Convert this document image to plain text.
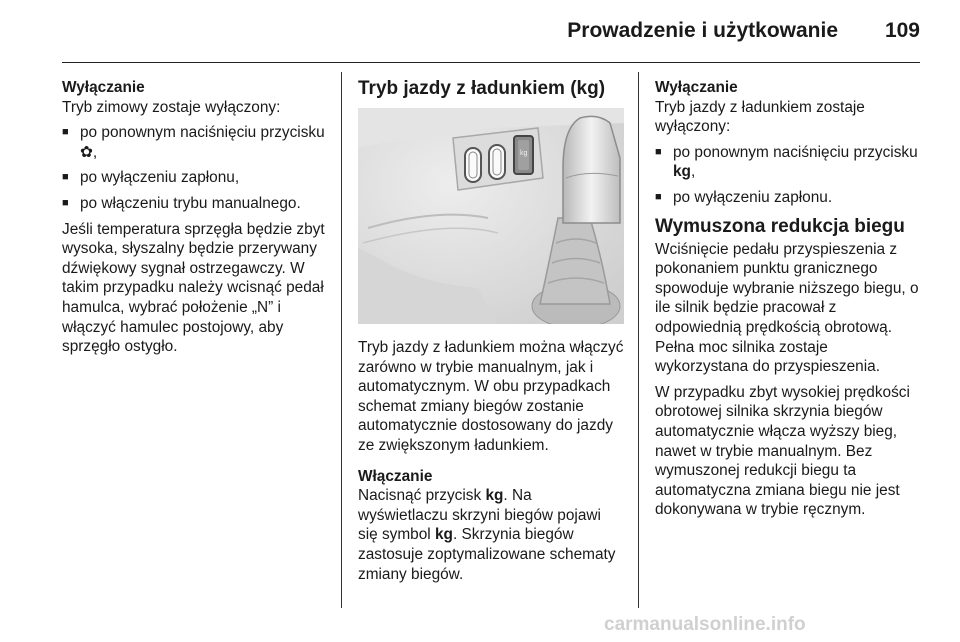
Prowadzenie i użytkowanie 109

Wyłączanie

Tryb zimowy zostaje wyłączony:

■ po ponownym naciśnięciu przycisku ✿,
■ po wyłączeniu zapłonu,
■ po włączeniu trybu manualnego.

Jeśli temperatura sprzęgła będzie zbyt wysoka, słyszalny będzie przerywany dźwiękowy sygnał ostrzegawczy. W takim przypadku należy wcisnąć pedał hamulca, wybrać położenie „N” i włączyć hamulec postojowy, aby sprzęgło ostygło.

Tryb jazdy z ładunkiem (kg)
kg

Tryb jazdy z ładunkiem można włączyć zarówno w trybie manualnym, jak i automatycznym. W obu przypadkach schemat zmiany biegów zostanie automatycznie dostosowany do jazdy ze zwiększonym ładunkiem.

Włączanie

Nacisnąć przycisk kg. Na wyświetlaczu skrzyni biegów pojawi się symbol kg. Skrzynia biegów zastosuje zoptymalizowane schematy zmiany biegów.

Wyłączanie

Tryb jazdy z ładunkiem zostaje wyłączony:

■ po ponownym naciśnięciu przycisku kg,
■ po wyłączeniu zapłonu.
Wymuszona redukcja biegu

Wciśnięcie pedału przyspieszenia z pokonaniem punktu granicznego spowoduje wybranie niższego biegu, o ile silnik będzie pracował z odpowiednią prędkością obrotową. Pełna moc silnika zostaje wykorzystana do przyspieszenia.

W przypadku zbyt wysokiej prędkości obrotowej silnika skrzynia biegów automatycznie włącza wyższy bieg, nawet w trybie manualnym. Bez wymuszonej redukcji biegu ta automatyczna zmiana biegu nie jest dokonywana w trybie ręcznym.

carmanualsonline.info
